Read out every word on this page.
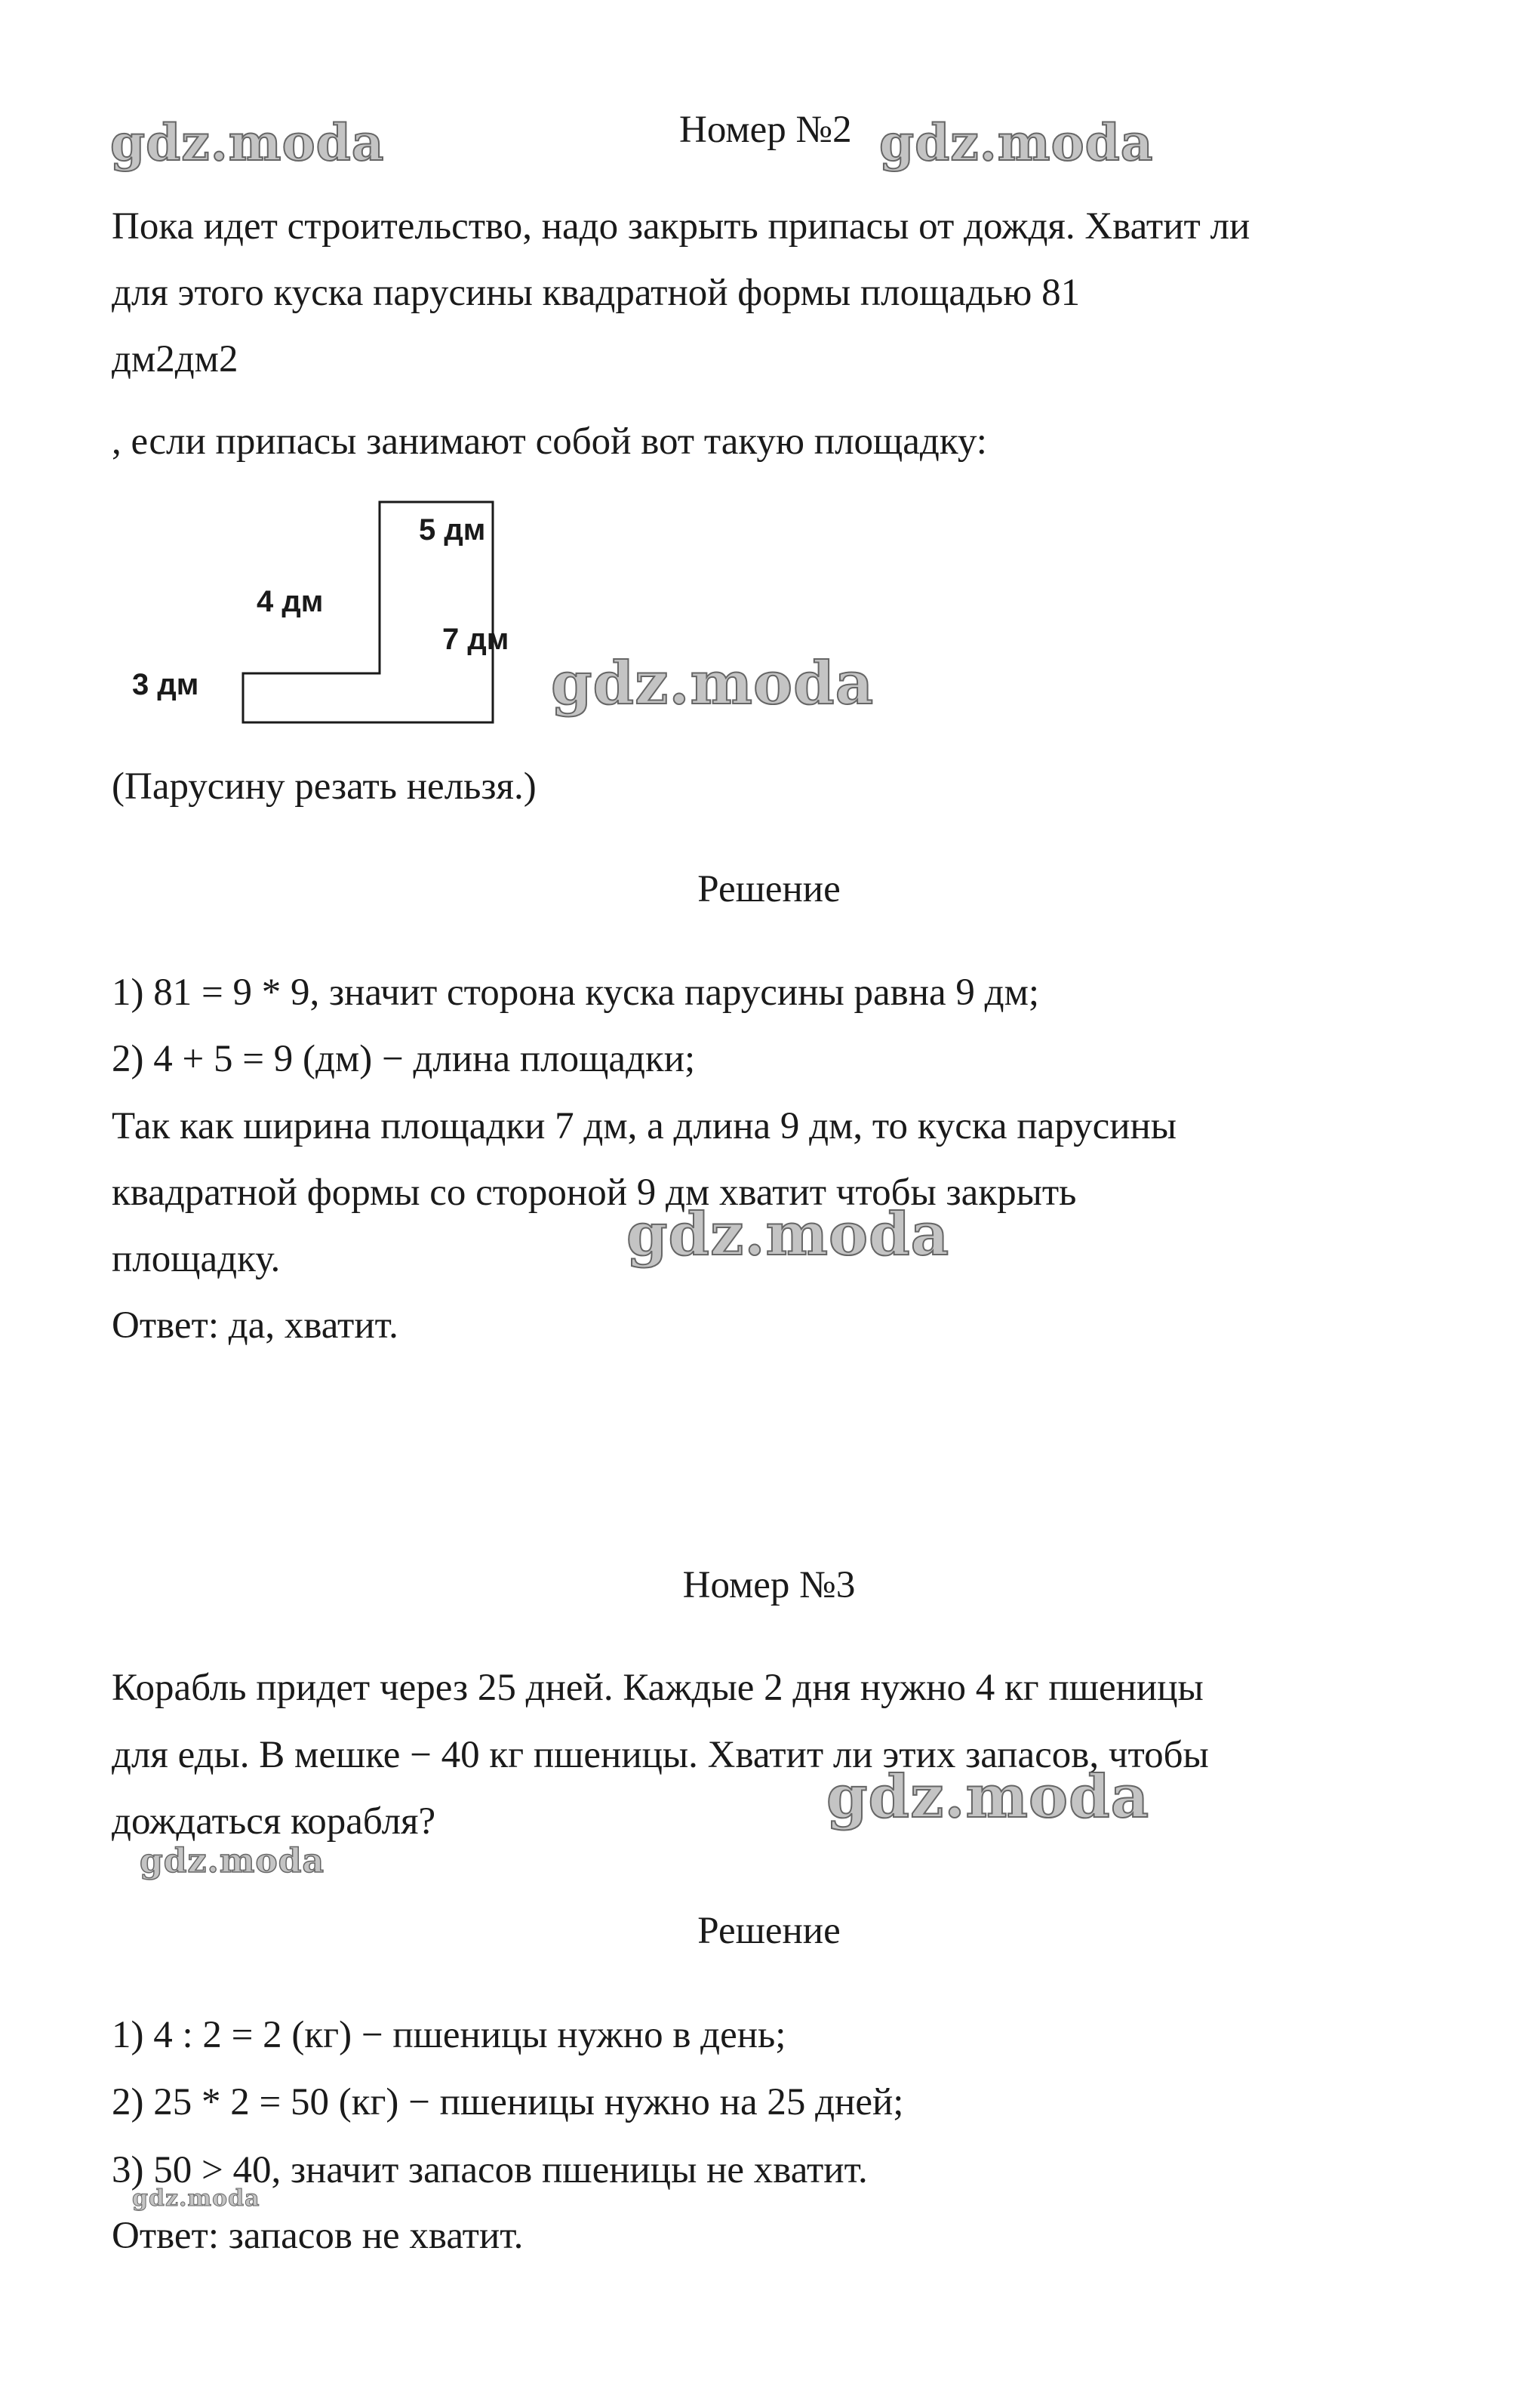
gdz.moda	Номер №2 gdz.moda

Пока идет строительство, надо закрыть припасы от дождя. Хватит ли

для этого куска парусины квадратной формы площадью 81

дм2дм2

, если припасы занимают собой вот такую площадку:

5 дм
4 дм
7 дм
3 дм	gdz.moda

(Парусину резать нельзя.)

Решение

1) 81 = 9 * 9, значит сторона куска парусины равна 9 дм;

2) 4 + 5 = 9 (дм) − длина площадки;

Так как ширина площадки 7 дм, а длина 9 дм, то куска парусины

квадратной формы со стороной 9 дм хватит чтобы закрыть

площадку.	gdz.moda

Ответ: да, хватит.

Номер №3

Корабль придет через 25 дней. Каждые 2 дня нужно 4 кг пшеницы

для еды. В мешке − 40 кг пшеницы. Хватит ли этих запасов, чтобы

дождаться корабля?	gdz.moda
gdz.moda

Решение

1) 4 : 2 = 2 (кг) − пшеницы нужно в день;

2) 25 * 2 = 50 (кг) − пшеницы нужно на 25 дней;

3) 50 > 40, значит запасов пшеницы не хватит.

gdz.moda

Ответ: запасов не хватит.
